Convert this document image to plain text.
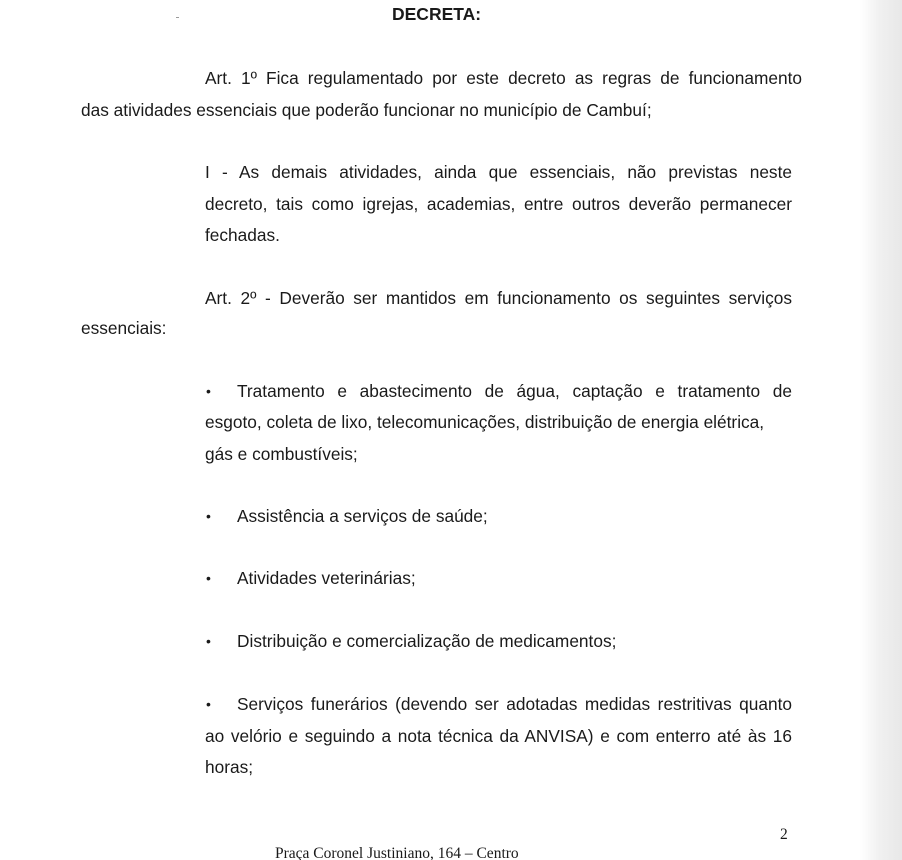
DECRETA:
Art. 1º Fica regulamentado por este decreto as regras de funcionamento
das atividades essenciais que poderão funcionar no município de Cambuí;
I - As demais atividades, ainda que essenciais, não previstas neste
decreto, tais como igrejas, academias, entre outros deverão permanecer
fechadas.
Art. 2º - Deverão ser mantidos em funcionamento os seguintes serviços
essenciais:
• Tratamento e abastecimento de água, captação e tratamento de
esgoto, coleta de lixo, telecomunicações, distribuição de energia elétrica,
gás e combustíveis;
• Assistência a serviços de saúde;
• Atividades veterinárias;
• Distribuição e comercialização de medicamentos;
• Serviços funerários (devendo ser adotadas medidas restritivas quanto
ao velório e seguindo a nota técnica da ANVISA) e com enterro até às 16
horas;
2
Praça Coronel Justiniano, 164 – Centro
